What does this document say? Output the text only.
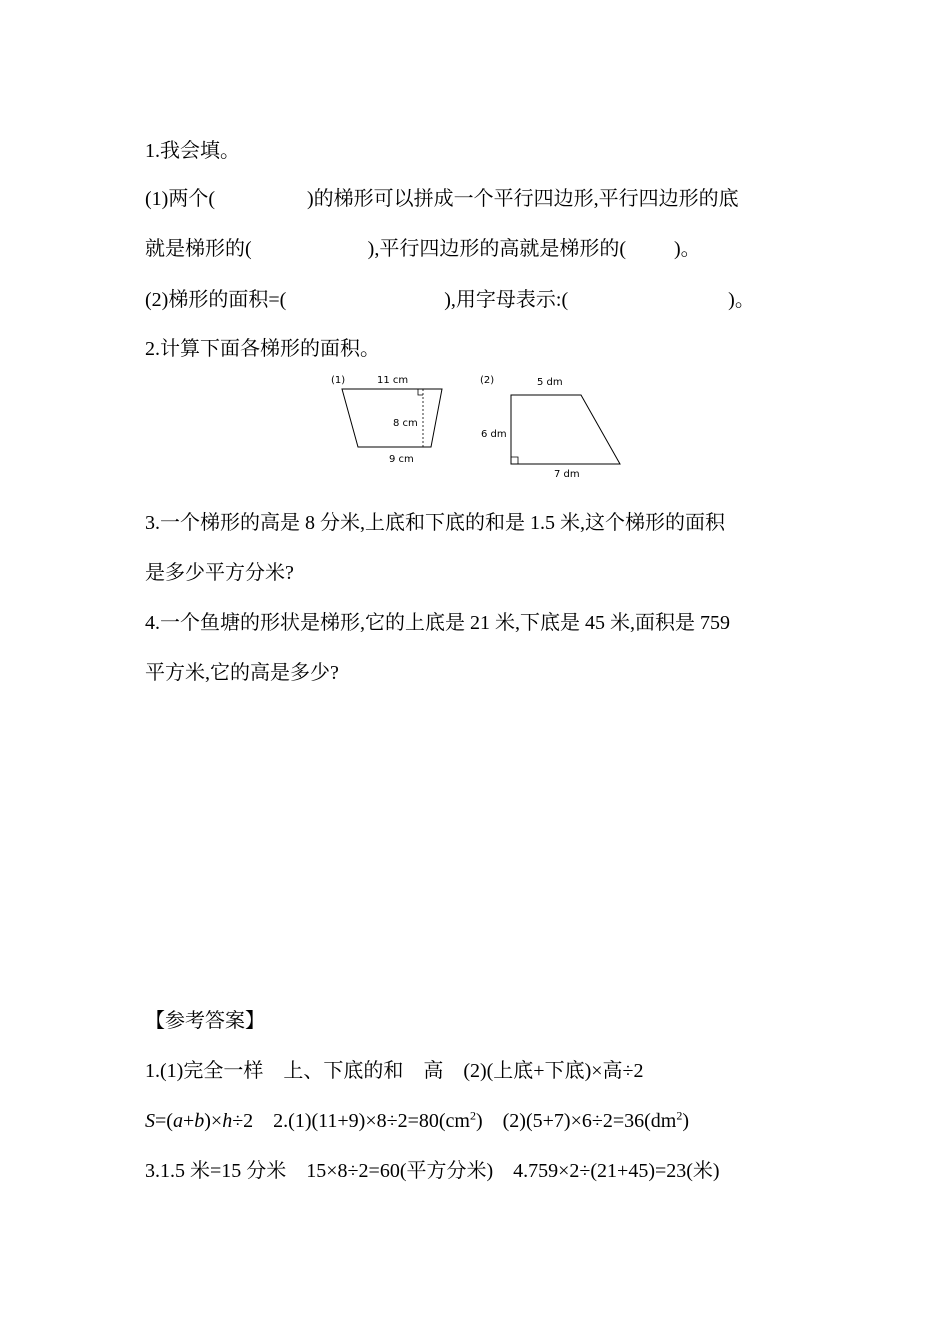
1.我会填。
(1)两个(	)的梯形可以拼成一个平行四边形,平行四边形的底
就是梯形的(	),平行四边形的高就是梯形的( )。
(2)梯形的面积=(	),用字母表示:(	)。
2.计算下面各梯形的面积。
(1)	11 cm
8 cm
9 cm
(2)	5 dm
6 dm
7 dm
3.一个梯形的高是 8 分米,上底和下底的和是 1.5 米,这个梯形的面积
是多少平方分米?
4.一个鱼塘的形状是梯形,它的上底是 21 米,下底是 45 米,面积是 759
平方米,它的高是多少?
【参考答案】
1.(1)完全一样    上、下底的和    高    (2)(上底+下底)×高÷2
S=(a+b)×h÷2    $2.(1)(11+9)\times 8\div 2=80(cm^2)$    $(2)(5+7)\times 6\div 2=36(dm^2)$
3.1.5 米=15 分米    15×8÷2=60(平方分米)    4.759×2÷(21+45)=23(米)
